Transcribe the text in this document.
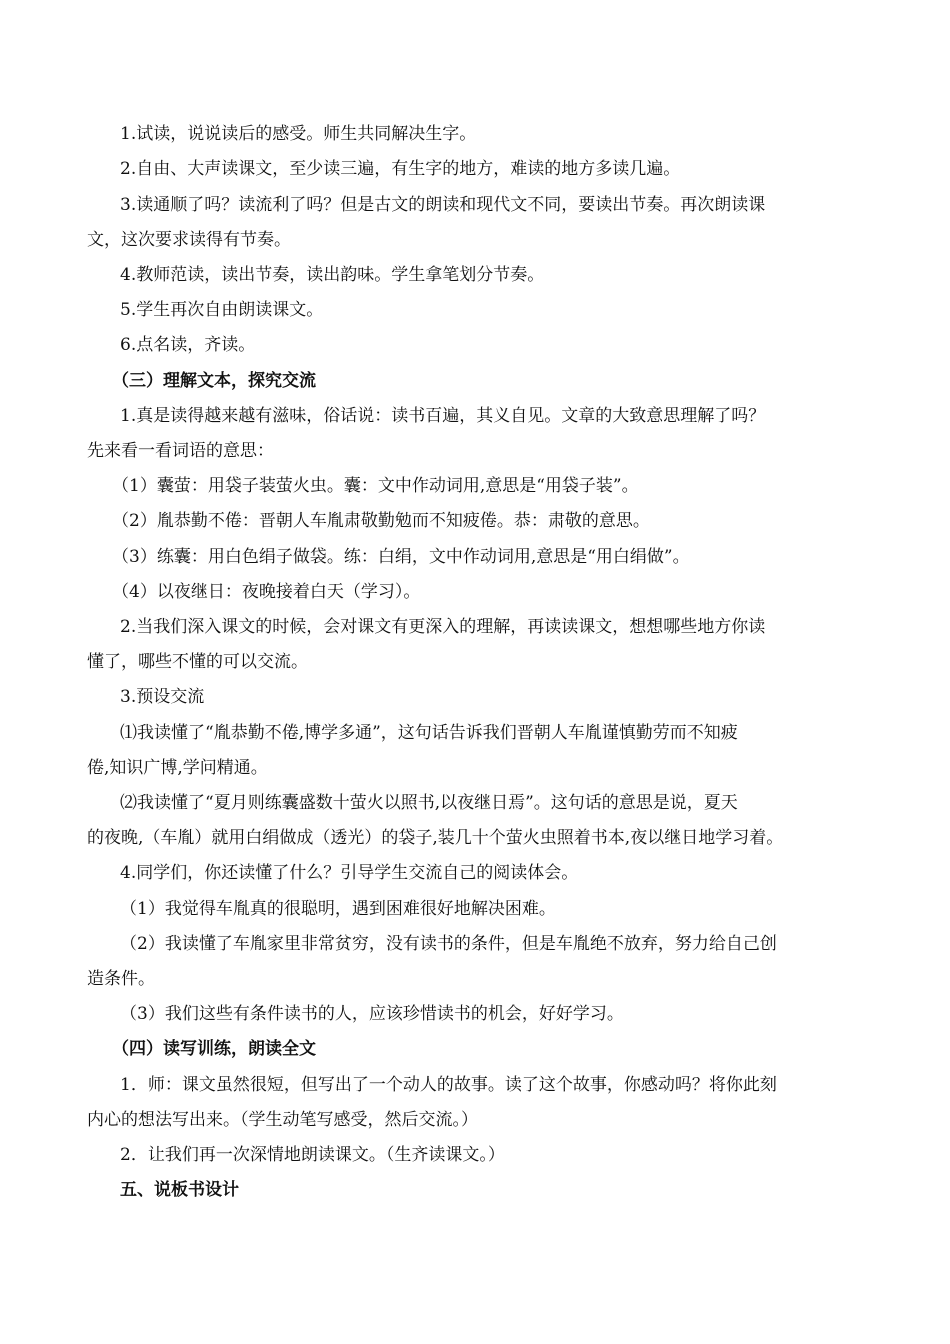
1.试读，说说读后的感受。师生共同解决生字。
2.自由、大声读课文，至少读三遍，有生字的地方，难读的地方多读几遍。
3.读通顺了吗？读流利了吗？但是古文的朗读和现代文不同，要读出节奏。再次朗读课
文，这次要求读得有节奏。
4.教师范读，读出节奏，读出韵味。学生拿笔划分节奏。
5.学生再次自由朗读课文。
6.点名读，齐读。
（三）理解文本，探究交流
1.真是读得越来越有滋味，俗话说：读书百遍，其义自见。文章的大致意思理解了吗？
先来看一看词语的意思：
（1）囊萤：用袋子装萤火虫。囊：文中作动词用,意思是“用袋子装”。
（2）胤恭勤不倦：晋朝人车胤肃敬勤勉而不知疲倦。恭：肃敬的意思。
（3）练囊：用白色绢子做袋。练：白绢，文中作动词用,意思是“用白绢做”。
（4）以夜继日：夜晚接着白天（学习）。
2.当我们深入课文的时候，会对课文有更深入的理解，再读读课文，想想哪些地方你读
懂了，哪些不懂的可以交流。
3.预设交流
⑴我读懂了“胤恭勤不倦,博学多通”，这句话告诉我们晋朝人车胤谨慎勤劳而不知疲
倦,知识广博,学问精通。
⑵我读懂了“夏月则练囊盛数十萤火以照书,以夜继日焉”。这句话的意思是说，夏天
的夜晚,（车胤）就用白绢做成（透光）的袋子,装几十个萤火虫照着书本,夜以继日地学习着。
4.同学们，你还读懂了什么？引导学生交流自己的阅读体会。
（1）我觉得车胤真的很聪明，遇到困难很好地解决困难。
（2）我读懂了车胤家里非常贫穷，没有读书的条件，但是车胤绝不放弃，努力给自己创
造条件。
（3）我们这些有条件读书的人，应该珍惜读书的机会，好好学习。
（四）读写训练，朗读全文
1．师：课文虽然很短，但写出了一个动人的故事。读了这个故事，你感动吗？将你此刻
内心的想法写出来。（学生动笔写感受，然后交流。）
2．让我们再一次深情地朗读课文。（生齐读课文。）
五、说板书设计
